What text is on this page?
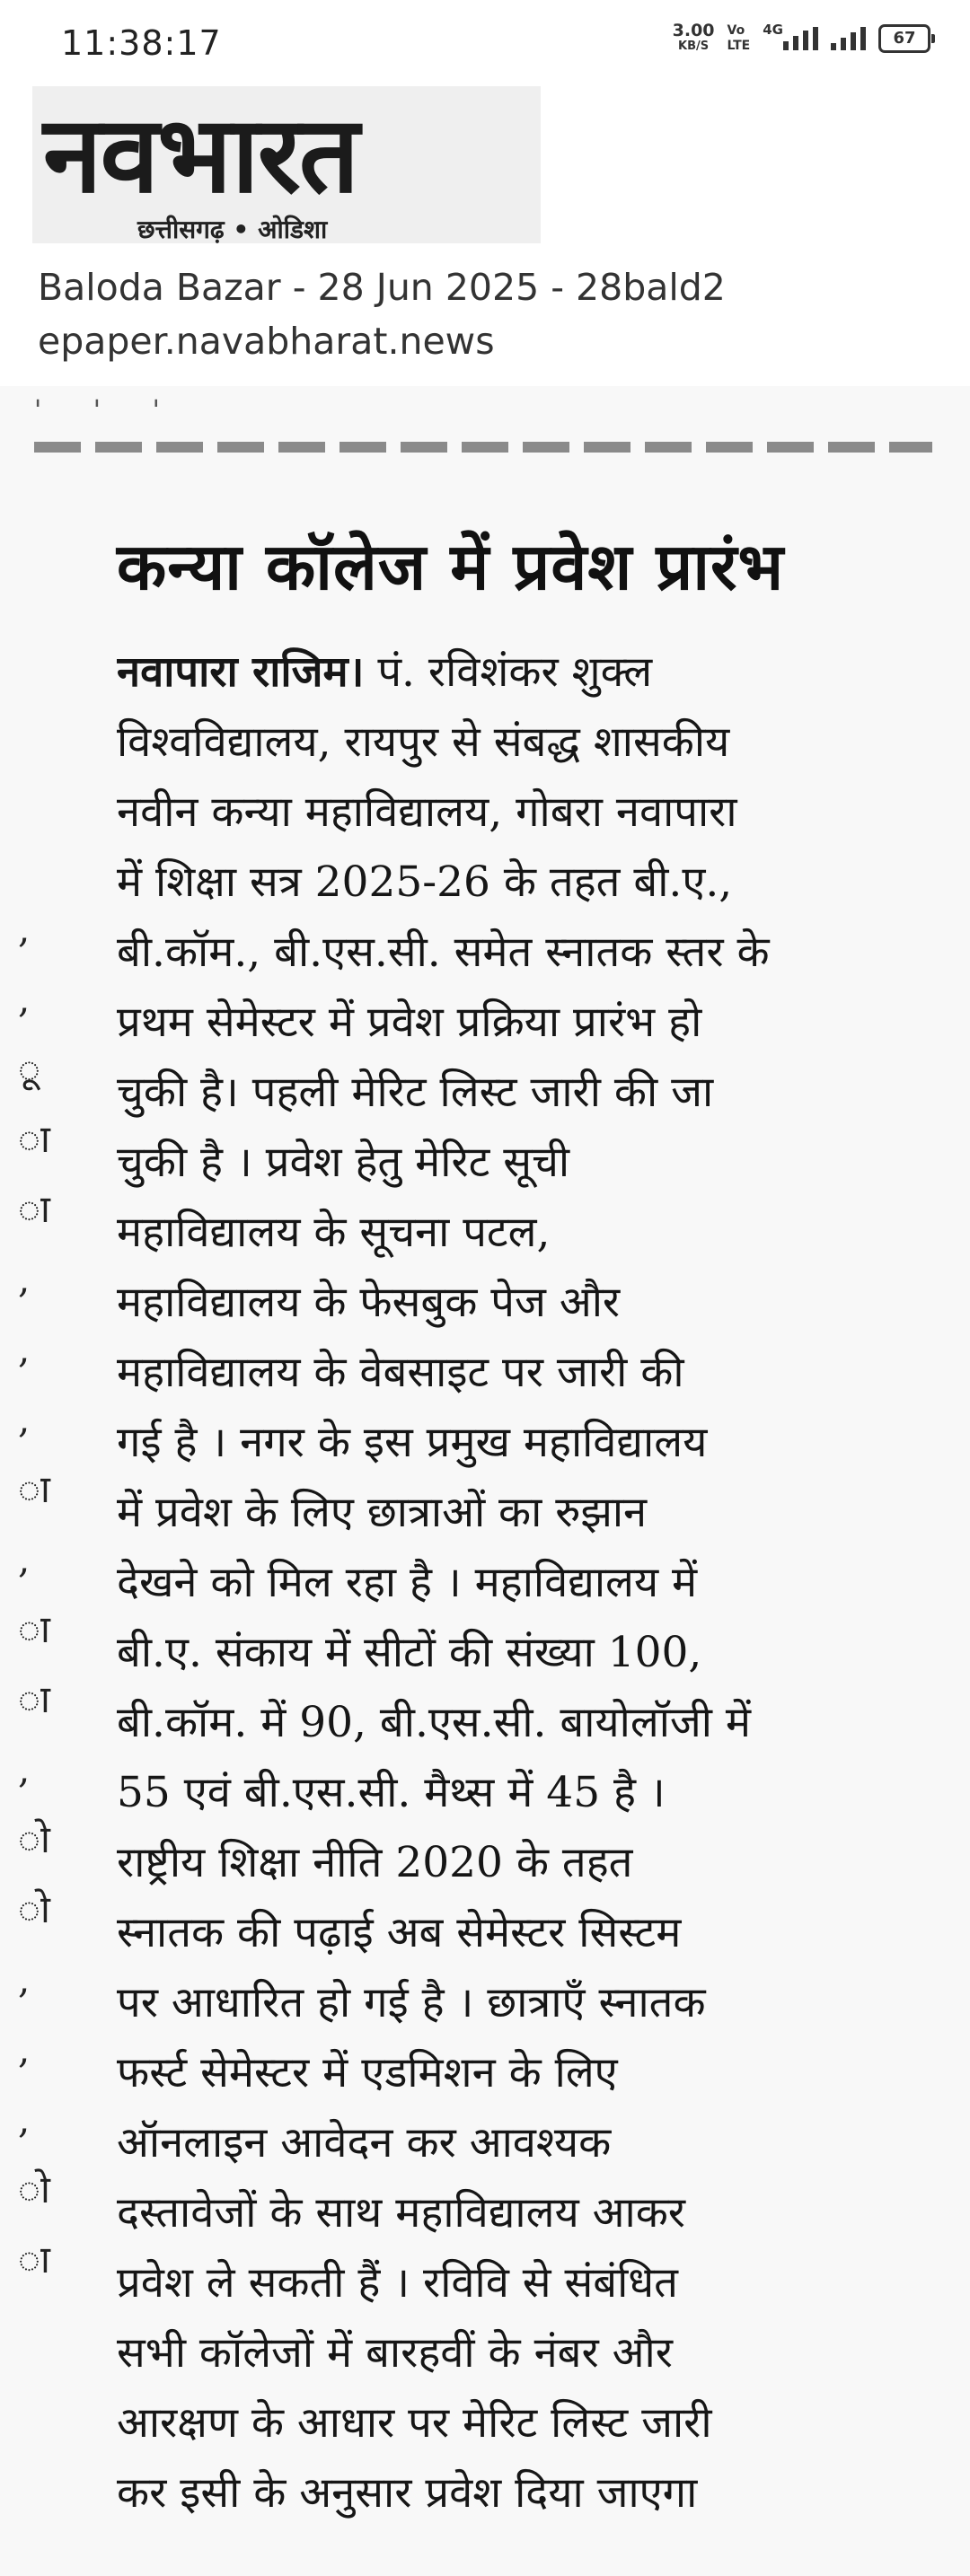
11:38:17	3.00
KB/S
Vo
LTE
4G	67
नवभारत
छत्तीसगढ़ • ओडिशा
Baloda Bazar - 28 Jun 2025 - 28bald2
epaper.navabharat.news
' ' '
कन्या कॉलेज में प्रवेश प्रारंभ
,
,
ू
ा
ा
,
,
,
ा
,
ा
ा
,
ो
ो
,
,
,
ो
ा
नवापारा राजिम। पं. रविशंकर शुक्ल
विश्वविद्यालय, रायपुर से संबद्ध शासकीय
नवीन कन्या महाविद्यालय, गोबरा नवापारा
में शिक्षा सत्र 2025-26 के तहत बी.ए.,
बी.कॉम., बी.एस.सी. समेत स्नातक स्तर के
प्रथम सेमेस्टर में प्रवेश प्रक्रिया प्रारंभ हो
चुकी है। पहली मेरिट लिस्ट जारी की जा
चुकी है । प्रवेश हेतु मेरिट सूची
महाविद्यालय के सूचना पटल,
महाविद्यालय के फेसबुक पेज और
महाविद्यालय के वेबसाइट पर जारी की
गई है । नगर के इस प्रमुख महाविद्यालय
में प्रवेश के लिए छात्राओं का रुझान
देखने को मिल रहा है । महाविद्यालय में
बी.ए. संकाय में सीटों की संख्या 100,
बी.कॉम. में 90, बी.एस.सी. बायोलॉजी में
55 एवं बी.एस.सी. मैथ्स में 45 है ।
राष्ट्रीय शिक्षा नीति 2020 के तहत
स्नातक की पढ़ाई अब सेमेस्टर सिस्टम
पर आधारित हो गई है । छात्राएँ स्नातक
फर्स्ट सेमेस्टर में एडमिशन के लिए
ऑनलाइन आवेदन कर आवश्यक
दस्तावेजों के साथ महाविद्यालय आकर
प्रवेश ले सकती हैं । रविवि से संबंधित
सभी कॉलेजों में बारहवीं के नंबर और
आरक्षण के आधार पर मेरिट लिस्ट जारी
कर इसी के अनुसार प्रवेश दिया जाएगा
